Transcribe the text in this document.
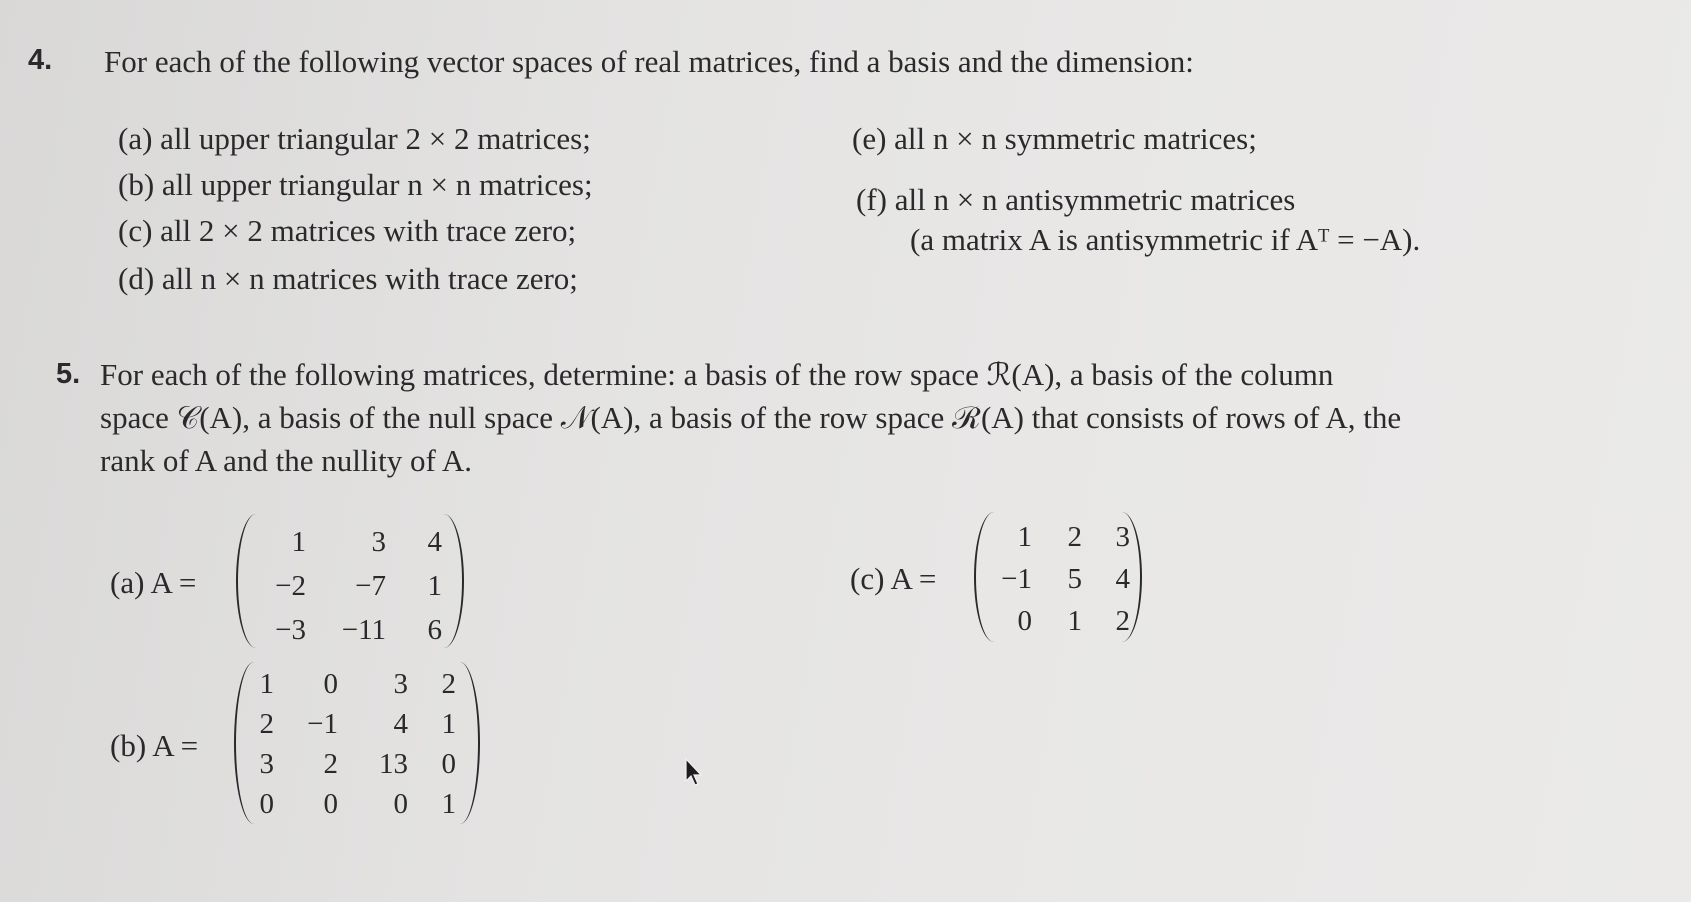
4. For each of the following vector spaces of real matrices, find a basis and the dimension:
(a) all upper triangular 2 × 2 matrices;
(b) all upper triangular n × n matrices;
(c) all 2 × 2 matrices with trace zero;
(d) all n × n matrices with trace zero;
(e) all n × n symmetric matrices;
(f) all n × n antisymmetric matrices
(a matrix A is antisymmetric if Aᵀ = −A).
5. For each of the following matrices, determine: a basis of the row space ℛ(A), a basis of the column
space 𝒞(A), a basis of the null space 𝒩(A), a basis of the row space ℛ(A) that consists of rows of A, the
rank of A and the nullity of A.
(a) A =
1	3	4
−2	−7	1
−3	−11	6
(b) A =
1	0	3	2
2	−1	4	1
3	2	13	0
0	0	0	1
(c) A =
1	2	3
−1	5	4
0	1	2
